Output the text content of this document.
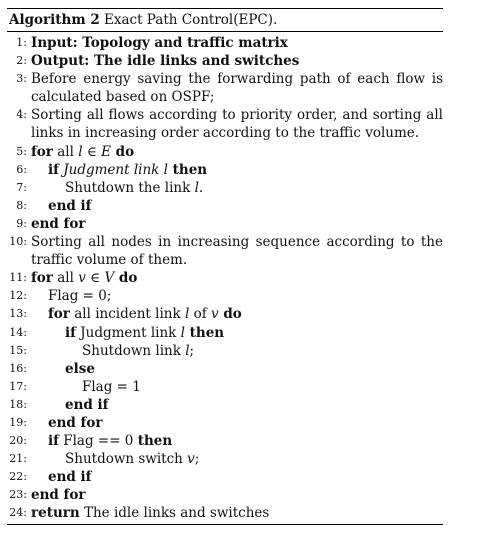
Algorithm 2 Exact Path Control(EPC).
1: Input: Topology and traffic matrix
2: Output: The idle links and switches
3: Before energy saving the forwarding path of each flow is calculated based on OSPF;
4: Sorting all flows according to priority order, and sorting all links in increasing order according to the traffic volume.
5: for all l ∈ E do
6:	if Judgment link l then
7:	Shutdown the link l.
8:	end if
9: end for
10: Sorting all nodes in increasing sequence according to the traffic volume of them.
11: for all v ∈ V do
12:	Flag = 0;
13:	for all incident link l of v do
14:	if Judgment link l then
15:	Shutdown link l;
16:	else
17:	Flag = 1
18:	end if
19:	end for
20:	if Flag == 0 then
21:	Shutdown switch v;
22:	end if
23: end for
24: return The idle links and switches
